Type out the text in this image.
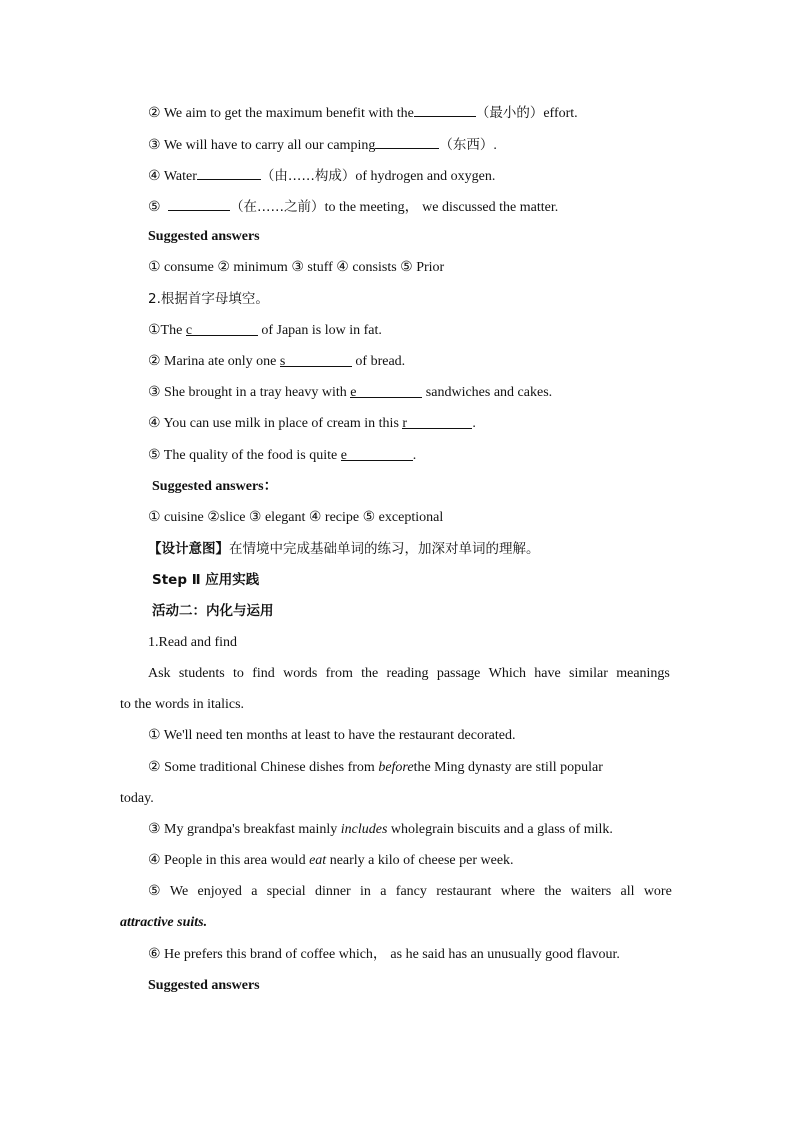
② We aim to get the maximum benefit with the	（最小的）effort.
③ We will have to carry all our camping	（东西）.
④ Water	（由……构成）of hydrogen and oxygen.
⑤	（在……之前）to the meeting， we discussed the matter.
Suggested answers
① consume ② minimum ③ stuff ④ consists ⑤ Prior
2.根据首字母填空。
①The c	of Japan is low in fat.
② Marina ate only one s	of bread.
③ She brought in a tray heavy with e	sandwiches and cakes.
④ You can use milk in place of cream in this r	.
⑤ The quality of the food is quite e	.
Suggested answers：
① cuisine ②slice ③ elegant ④ recipe ⑤ exceptional
【设计意图】在情境中完成基础单词的练习，加深对单词的理解。
Step Ⅱ 应用实践
活动二：内化与运用
1.Read and find
Ask students to find words from the reading passage Which have similar meanings
to the words in italics.
① We'll need ten months at least to have the restaurant decorated.
② Some traditional Chinese dishes from beforethe Ming dynasty are still popular
today.
③ My grandpa's breakfast mainly includes wholegrain biscuits and a glass of milk.
④ People in this area would eat nearly a kilo of cheese per week.
⑤ We enjoyed a special dinner in a fancy restaurant where the waiters all wore
attractive suits.
⑥ He prefers this brand of coffee which， as he said has an unusually good flavour.
Suggested answers
